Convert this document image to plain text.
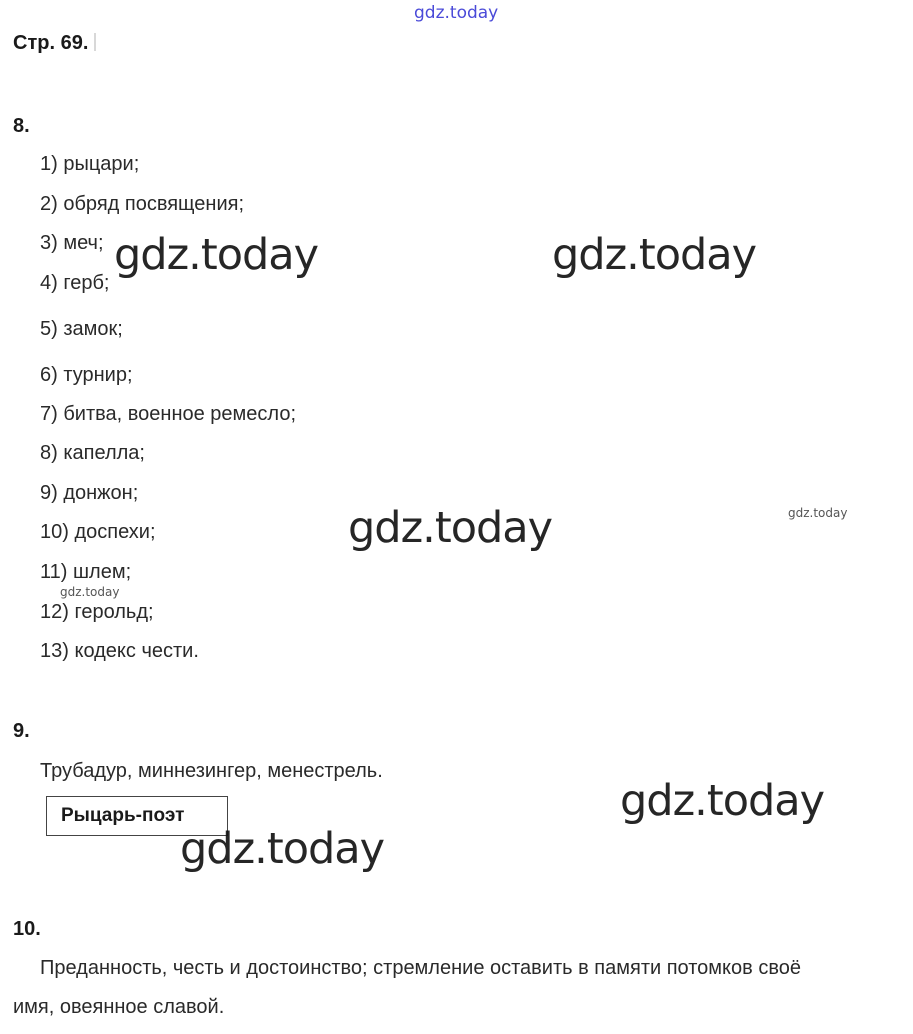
gdz.today
Стр. 69.
8.
1) рыцари;
2) обряд посвящения;
3) меч;
4) герб;
5) замок;
6) турнир;
7) битва, военное ремесло;
8) капелла;
9) донжон;
10) доспехи;
11) шлем;
12) герольд;
13) кодекс чести.
9.
Трубадур, миннезингер, менестрель.
Рыцарь-поэт
10.
Преданность, честь и достоинство; стремление оставить в памяти потомков своё
имя, овеянное славой.
gdz.today	gdz.today
gdz.today
gdz.today
gdz.today
gdz.today
gdz.today
